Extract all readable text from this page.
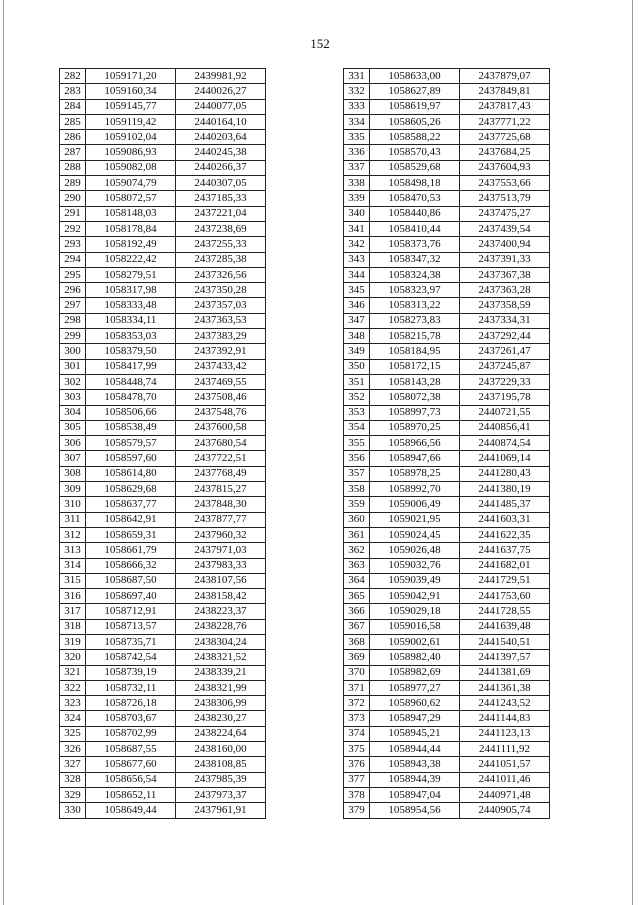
152
282	1059171,20	2439981,92
283	1059160,34	2440026,27
284	1059145,77	2440077,05
285	1059119,42	2440164,10
286	1059102,04	2440203,64
287	1059086,93	2440245,38
288	1059082,08	2440266,37
289	1059074,79	2440307,05
290	1058072,57	2437185,33
291	1058148,03	2437221,04
292	1058178,84	2437238,69
293	1058192,49	2437255,33
294	1058222,42	2437285,38
295	1058279,51	2437326,56
296	1058317,98	2437350,28
297	1058333,48	2437357,03
298	1058334,11	2437363,53
299	1058353,03	2437383,29
300	1058379,50	2437392,91
301	1058417,99	2437433,42
302	1058448,74	2437469,55
303	1058478,70	2437508,46
304	1058506,66	2437548,76
305	1058538,49	2437600,58
306	1058579,57	2437680,54
307	1058597,60	2437722,51
308	1058614,80	2437768,49
309	1058629,68	2437815,27
310	1058637,77	2437848,30
311	1058642,91	2437877,77
312	1058659,31	2437960,32
313	1058661,79	2437971,03
314	1058666,32	2437983,33
315	1058687,50	2438107,56
316	1058697,40	2438158,42
317	1058712,91	2438223,37
318	1058713,57	2438228,76
319	1058735,71	2438304,24
320	1058742,54	2438321,52
321	1058739,19	2438339,21
322	1058732,11	2438321,99
323	1058726,18	2438306,99
324	1058703,67	2438230,27
325	1058702,99	2438224,64
326	1058687,55	2438160,00
327	1058677,60	2438108,85
328	1058656,54	2437985,39
329	1058652,11	2437973,37
330	1058649,44	2437961,91
331	1058633,00	2437879,07
332	1058627,89	2437849,81
333	1058619,97	2437817,43
334	1058605,26	2437771,22
335	1058588,22	2437725,68
336	1058570,43	2437684,25
337	1058529,68	2437604,93
338	1058498,18	2437553,66
339	1058470,53	2437513,79
340	1058440,86	2437475,27
341	1058410,44	2437439,54
342	1058373,76	2437400,94
343	1058347,32	2437391,33
344	1058324,38	2437367,38
345	1058323,97	2437363,28
346	1058313,22	2437358,59
347	1058273,83	2437334,31
348	1058215,78	2437292,44
349	1058184,95	2437261,47
350	1058172,15	2437245,87
351	1058143,28	2437229,33
352	1058072,38	2437195,78
353	1058997,73	2440721,55
354	1058970,25	2440856,41
355	1058966,56	2440874,54
356	1058947,66	2441069,14
357	1058978,25	2441280,43
358	1058992,70	2441380,19
359	1059006,49	2441485,37
360	1059021,95	2441603,31
361	1059024,45	2441622,35
362	1059026,48	2441637,75
363	1059032,76	2441682,01
364	1059039,49	2441729,51
365	1059042,91	2441753,60
366	1059029,18	2441728,55
367	1059016,58	2441639,48
368	1059002,61	2441540,51
369	1058982,40	2441397,57
370	1058982,69	2441381,69
371	1058977,27	2441361,38
372	1058960,62	2441243,52
373	1058947,29	2441144,83
374	1058945,21	2441123,13
375	1058944,44	2441111,92
376	1058943,38	2441051,57
377	1058944,39	2441011,46
378	1058947,04	2440971,48
379	1058954,56	2440905,74
